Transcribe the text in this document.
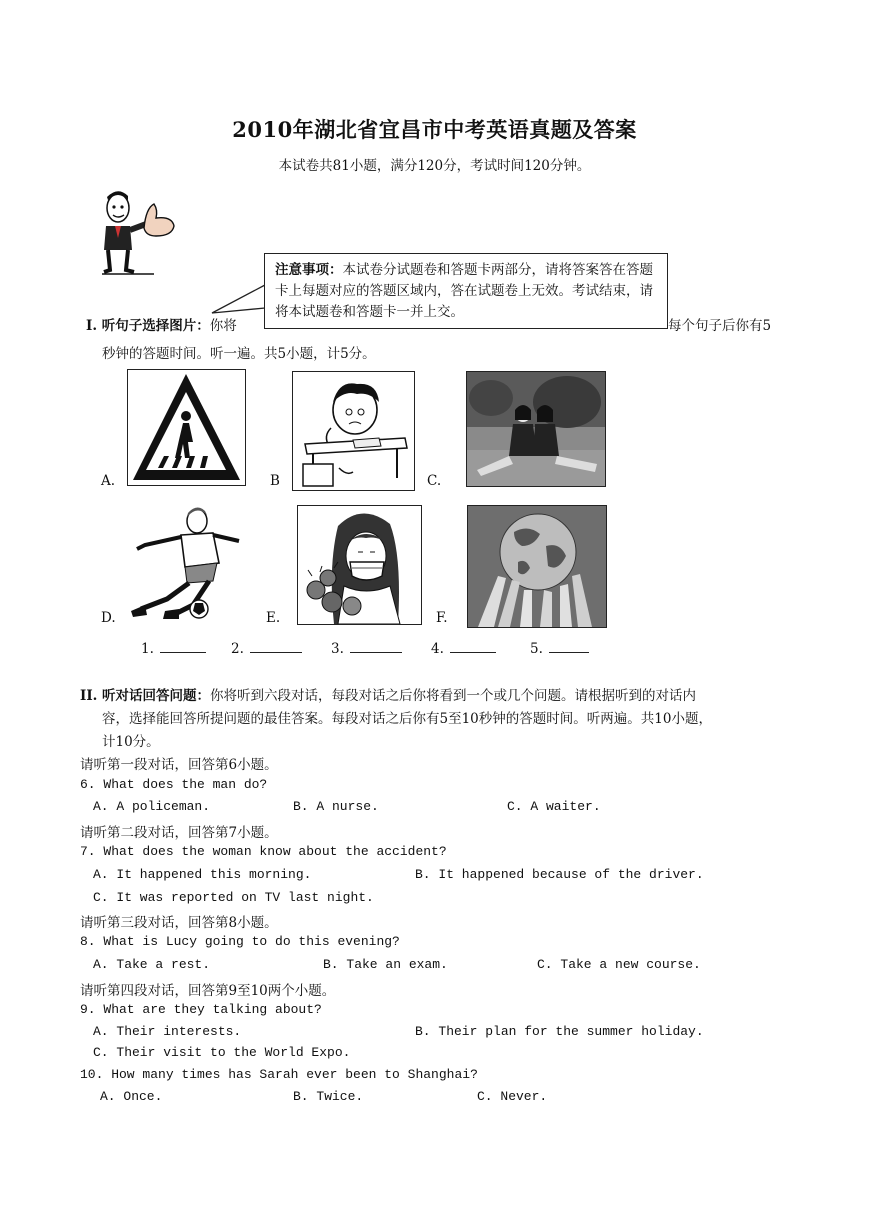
2010年湖北省宜昌市中考英语真题及答案
本试卷共81小题，满分120分，考试时间120分钟。
注意事项：本试卷分试题卷和答题卡两部分，请将答案答在答题卡上每题对应的答题区域内，答在试题卷上无效。考试结束，请将本试题卷和答题卡一并上交。
I. 听句子选择图片：你将	每个句子后你有5
秒钟的答题时间。听一遍。共5小题，计5分。
A.	B	C.
D.	E.	F.
1.	2.	3.	4.	5.
II. 听对话回答问题：你将听到六段对话，每段对话之后你将看到一个或几个问题。请根据听到的对话内
容，选择能回答所提问题的最佳答案。每段对话之后你有5至10秒钟的答题时间。听两遍。共10小题，
计10分。
请听第一段对话，回答第6小题。
6. What does the man do?
A. A policeman.	B. A nurse.	C. A waiter.
请听第二段对话，回答第7小题。
7. What does the woman know about the accident?
A. It happened this morning.	B. It happened because of the driver.
C. It was reported on TV last night.
请听第三段对话，回答第8小题。
8. What is Lucy going to do this evening?
A. Take a rest.	B. Take an exam.	C. Take a new course.
请听第四段对话，回答第9至10两个小题。
9. What are they talking about?
A. Their interests.	B. Their plan for the summer holiday.
C. Their visit to the World Expo.
10. How many times has Sarah ever been to Shanghai?
A. Once.	B. Twice.	C. Never.
